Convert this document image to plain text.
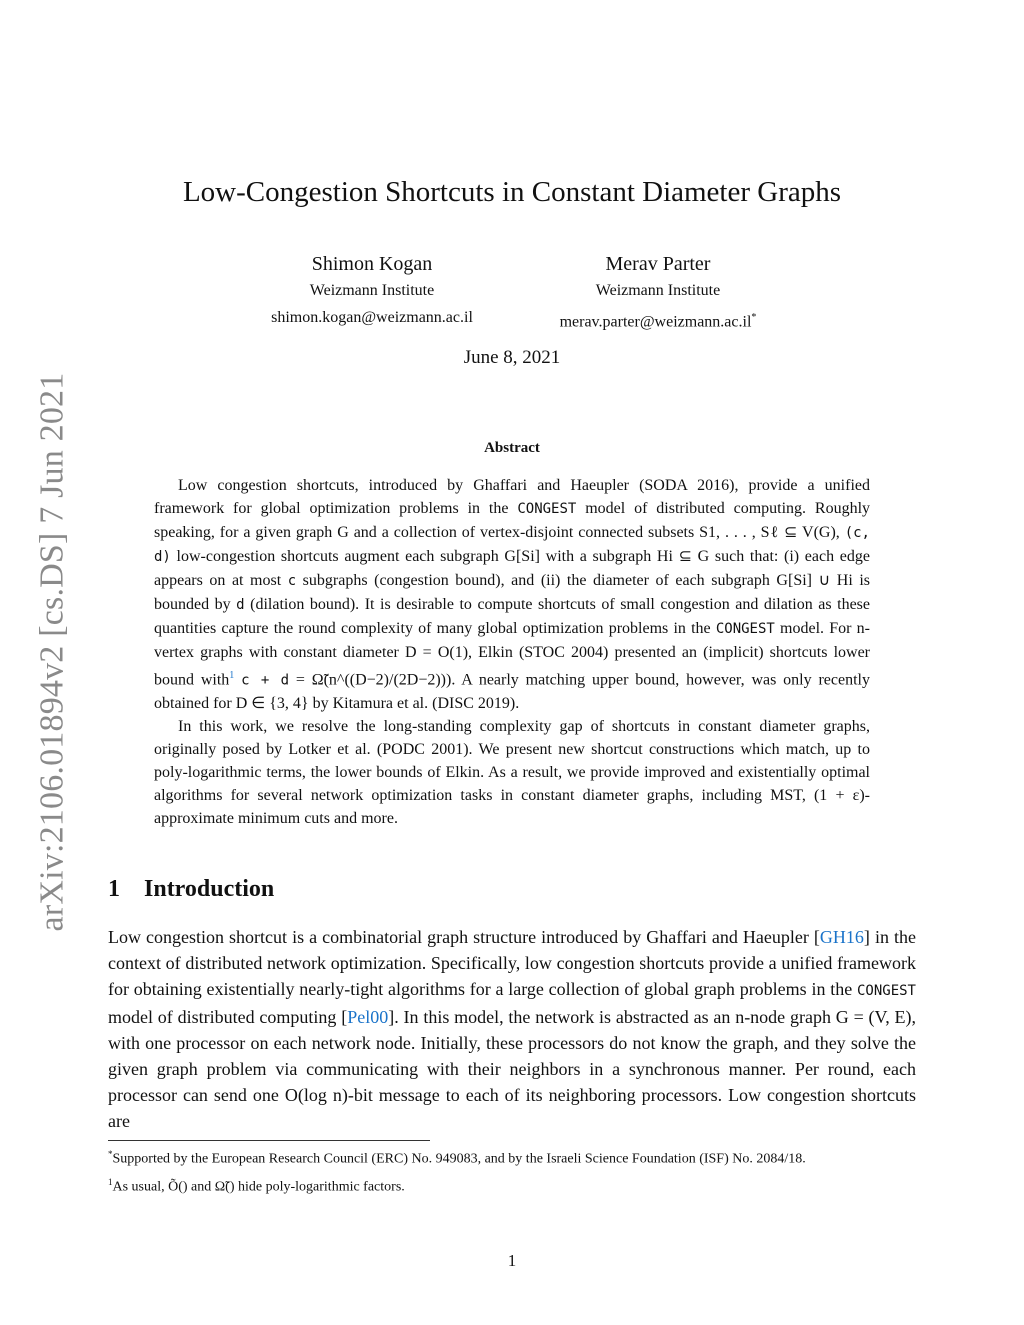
arXiv:2106.01894v2 [cs.DS] 7 Jun 2021
Low-Congestion Shortcuts in Constant Diameter Graphs
Shimon Kogan
Weizmann Institute
shimon.kogan@weizmann.ac.il
Merav Parter
Weizmann Institute
merav.parter@weizmann.ac.il*
June 8, 2021
Abstract

Low congestion shortcuts, introduced by Ghaffari and Haeupler (SODA 2016), provide a unified framework for global optimization problems in the CONGEST model of distributed computing. Roughly speaking, for a given graph G and a collection of vertex-disjoint connected subsets S1, . . . , Sℓ ⊆ V(G), (c, d) low-congestion shortcuts augment each subgraph G[Si] with a subgraph Hi ⊆ G such that: (i) each edge appears on at most c subgraphs (congestion bound), and (ii) the diameter of each subgraph G[Si] ∪ Hi is bounded by d (dilation bound). It is desirable to compute shortcuts of small congestion and dilation as these quantities capture the round complexity of many global optimization problems in the CONGEST model. For n-vertex graphs with constant diameter D = O(1), Elkin (STOC 2004) presented an (implicit) shortcuts lower bound with$^1$ c + d = Ω̃(n^((D−2)/(2D−2))). A nearly matching upper bound, however, was only recently obtained for D ∈ {3, 4} by Kitamura et al. (DISC 2019).

In this work, we resolve the long-standing complexity gap of shortcuts in constant diameter graphs, originally posed by Lotker et al. (PODC 2001). We present new shortcut constructions which match, up to poly-logarithmic terms, the lower bounds of Elkin. As a result, we provide improved and existentially optimal algorithms for several network optimization tasks in constant diameter graphs, including MST, (1 + ε)-approximate minimum cuts and more.

1 Introduction

Low congestion shortcut is a combinatorial graph structure introduced by Ghaffari and Haeupler [GH16] in the context of distributed network optimization. Specifically, low congestion shortcuts provide a unified framework for obtaining existentially nearly-tight algorithms for a large collection of global graph problems in the CONGEST model of distributed computing [Pel00]. In this model, the network is abstracted as an n-node graph G = (V, E), with one processor on each network node. Initially, these processors do not know the graph, and they solve the given graph problem via communicating with their neighbors in a synchronous manner. Per round, each processor can send one O(log n)-bit message to each of its neighboring processors. Low congestion shortcuts are

*Supported by the European Research Council (ERC) No. 949083, and by the Israeli Science Foundation (ISF) No. 2084/18.

$^1$As usual, Õ() and Ω̃() hide poly-logarithmic factors.

1
